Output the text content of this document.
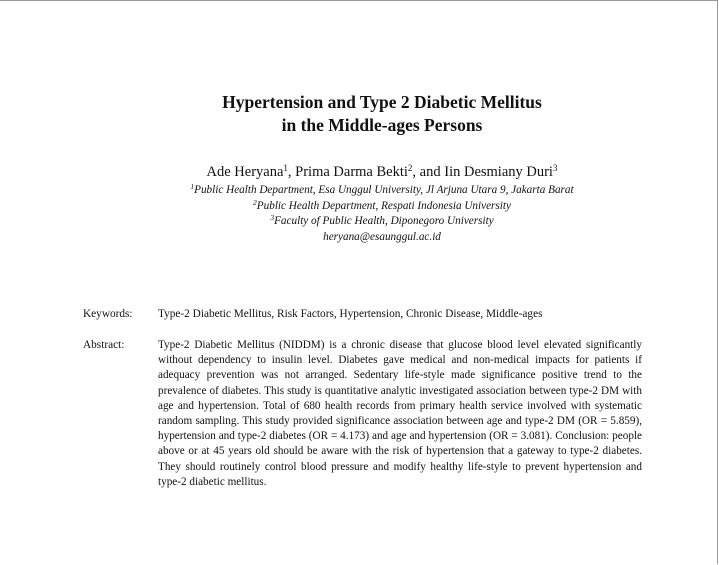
Hypertension and Type 2 Diabetic Mellitus
in the Middle-ages Persons
Ade Heryana$^1$, Prima Darma Bekti$^2$, and Iin Desmiany Duri$^3$
$^1$Public Health Department, Esa Unggul University, Jl Arjuna Utara 9, Jakarta Barat
$^2$Public Health Department, Respati Indonesia University
$^3$Faculty of Public Health, Diponegoro University
heryana@esaunggul.ac.id
Keywords: Type-2 Diabetic Mellitus, Risk Factors, Hypertension, Chronic Disease, Middle-ages
Abstract:	Type-2 Diabetic Mellitus (NIDDM) is a chronic disease that glucose blood level elevated significantly without dependency to insulin level. Diabetes gave medical and non-medical impacts for patients if adequacy prevention was not arranged. Sedentary life-style made significance positive trend to the prevalence of diabetes. This study is quantitative analytic investigated association between type-2 DM with age and hypertension. Total of 680 health records from primary health service involved with systematic random sampling. This study provided significance association between age and type-2 DM (OR = 5.859), hypertension and type-2 diabetes (OR = 4.173) and age and hypertension (OR = 3.081). Conclusion: people above or at 45 years old should be aware with the risk of hypertension that a gateway to type-2 diabetes. They should routinely control blood pressure and modify healthy life-style to prevent hypertension and type-2 diabetic mellitus.
